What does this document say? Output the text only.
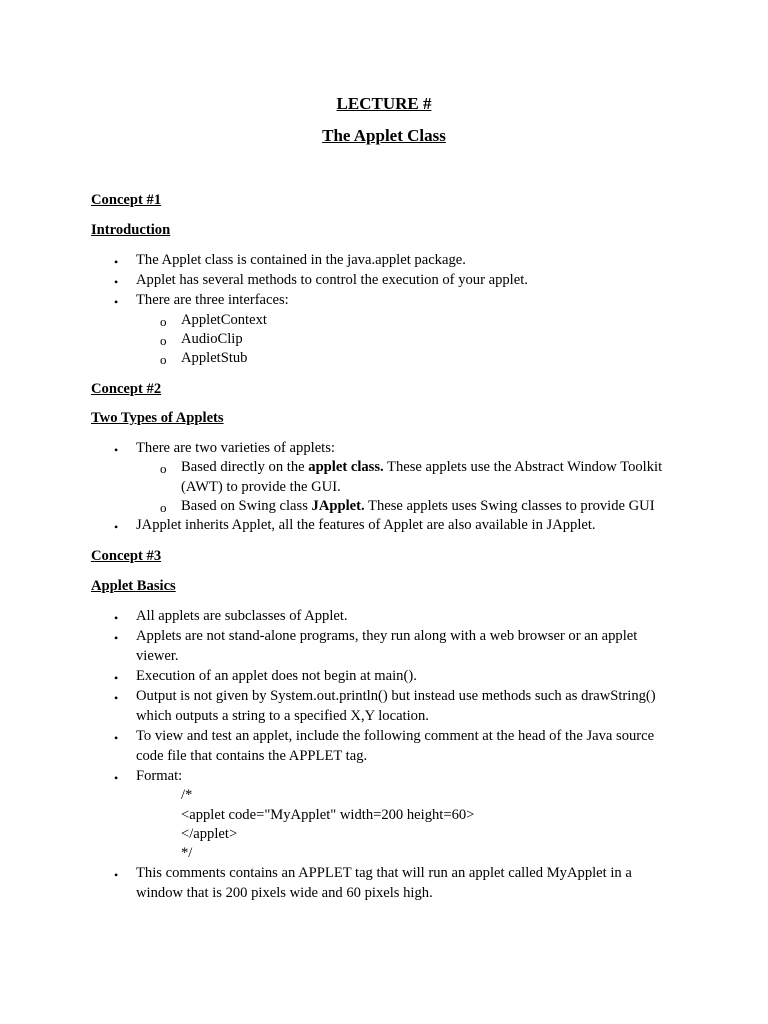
LECTURE #
The Applet Class
Concept #1
Introduction
• The Applet class is contained in the java.applet package.
• Applet has several methods to control the execution of your applet.
• There are three interfaces:
o AppletContext
o AudioClip
o AppletStub
Concept #2
Two Types of Applets
• There are two varieties of applets:
o Based directly on the applet class. These applets use the Abstract Window Toolkit
(AWT) to provide the GUI.
o Based on Swing class JApplet. These applets uses Swing classes to provide GUI
• JApplet inherits Applet, all the features of Applet are also available in JApplet.
Concept #3
Applet Basics
• All applets are subclasses of Applet.
• Applets are not stand-alone programs, they run along with a web browser or an applet
viewer.
• Execution of an applet does not begin at main().
• Output is not given by System.out.println() but instead use methods such as drawString()
which outputs a string to a specified X,Y location.
• To view and test an applet, include the following comment at the head of the Java source
code file that contains the APPLET tag.
• Format:
/*
<applet code="MyApplet" width=200 height=60>
</applet>
*/
• This comments contains an APPLET tag that will run an applet called MyApplet in a
window that is 200 pixels wide and 60 pixels high.
